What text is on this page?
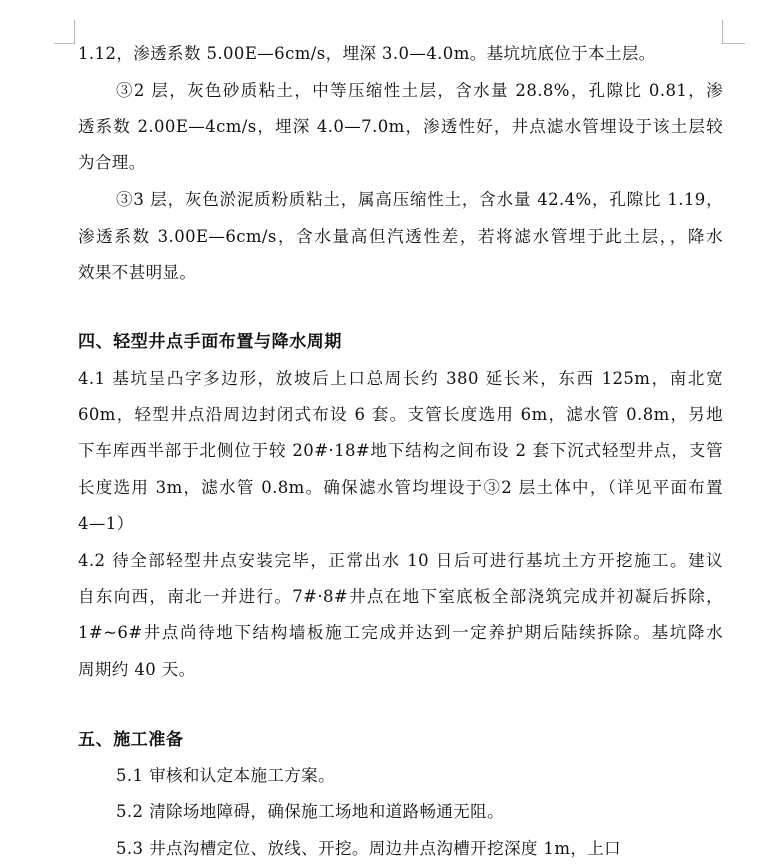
1.12，渗透系数 5.00E—6cm/s，埋深 3.0—4.0m。基坑坑底位于本土层。
③2 层，灰色砂质粘土，中等压缩性土层，含水量 28.8%，孔隙比 0.81，渗
透系数 2.00E—4cm/s，埋深 4.0—7.0m，渗透性好，井点滤水管埋设于该土层较
为合理。
③3 层，灰色淤泥质粉质粘土，属高压缩性土，含水量 42.4%，孔隙比 1.19，
渗透系数 3.00E—6cm/s，含水量高但汽透性差，若将滤水管埋于此土层，，降水
效果不甚明显。
四、轻型井点手面布置与降水周期
4.1 基坑呈凸字多边形，放坡后上口总周长约 380 延长米，东西 125m，南北宽
60m，轻型井点沿周边封闭式布设 6 套。支管长度选用 6m，滤水管 0.8m，另地
下车库西半部于北侧位于较 20#·18#地下结构之间布设 2 套下沉式轻型井点，支管
长度选用 3m，滤水管 0.8m。确保滤水管均埋设于③2 层土体中，（详见平面布置
4—1）
4.2 待全部轻型井点安装完毕，正常出水 10 日后可进行基坑土方开挖施工。建议
自东向西，南北一并进行。7#·8#井点在地下室底板全部浇筑完成并初凝后拆除，
1#~6#井点尚待地下结构墙板施工完成并达到一定养护期后陆续拆除。基坑降水
周期约 40 天。
五、施工准备
5.1 审核和认定本施工方案。
5.2 清除场地障碍，确保施工场地和道路畅通无阻。
5.3 井点沟槽定位、放线、开挖。周边井点沟槽开挖深度 1m，上口
